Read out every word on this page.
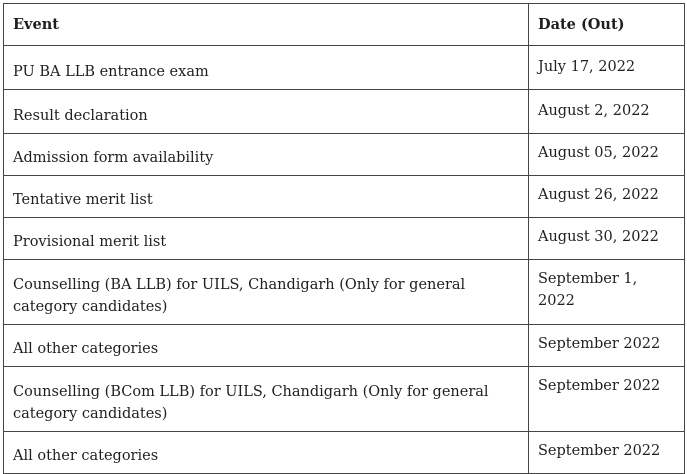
Event	Date (Out)
PU BA LLB entrance exam	July 17, 2022
Result declaration	August 2, 2022
Admission form availability	August 05, 2022
Tentative merit list	August 26, 2022
Provisional merit list	August 30, 2022
Counselling (BA LLB) for UILS, Chandigarh (Only for general category candidates)	September 1, 2022
All other categories	September 2022
Counselling (BCom LLB) for UILS, Chandigarh (Only for general category candidates)	September 2022
All other categories	September 2022
